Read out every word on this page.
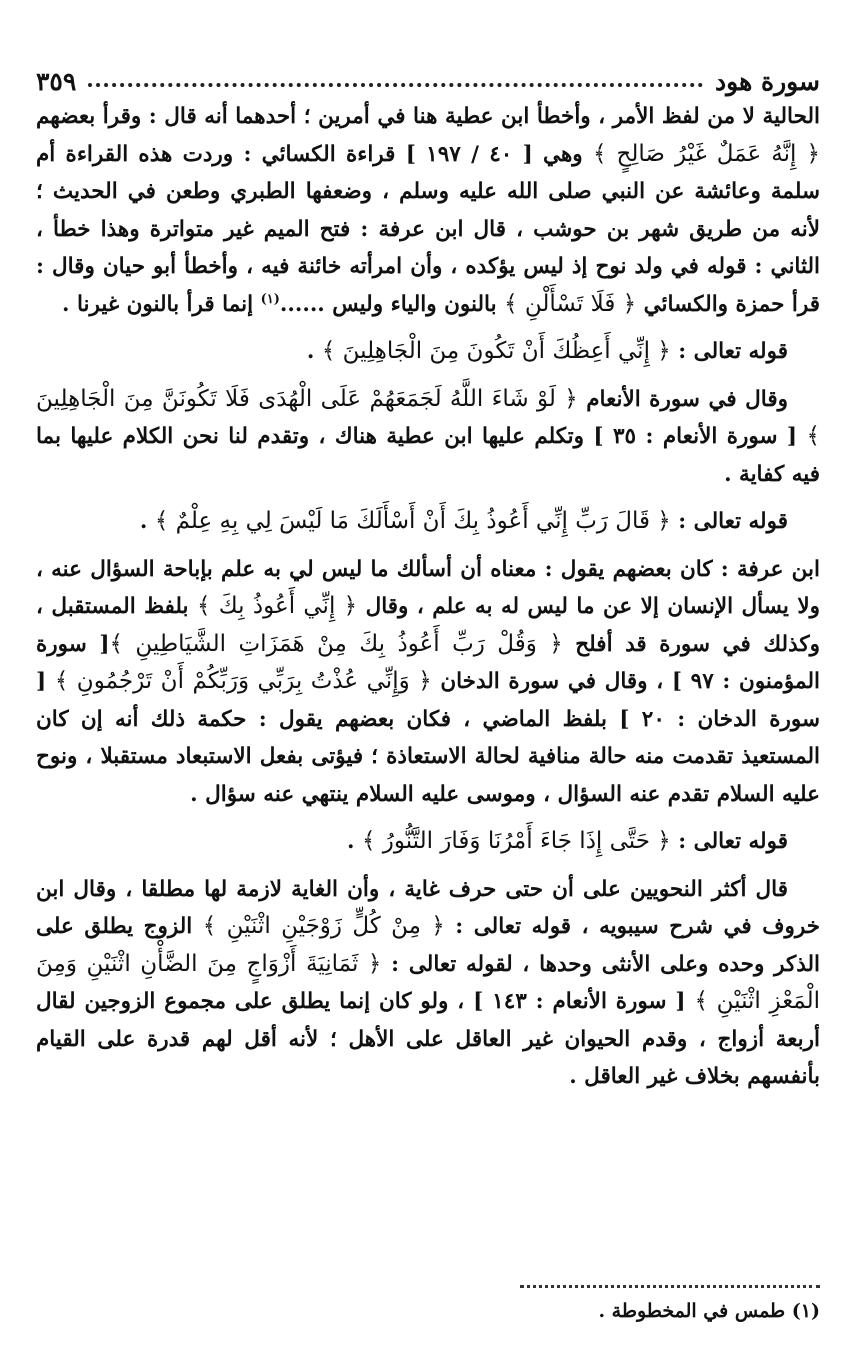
سورة هود
٣٥٩

الحالية لا من لفظ الأمر ، وأخطأ ابن عطية هنا في أمرين ؛ أحدهما أنه قال : وقرأ بعضهم ﴿ إِنَّهُ عَمَلٌ غَيْرُ صَالِحٍ ﴾ وهي [ ٤٠ / ١٩٧ ] قراءة الكسائي : وردت هذه القراءة أم سلمة وعائشة عن النبي صلى الله عليه وسلم ، وضعفها الطبري وطعن في الحديث ؛ لأنه من طريق شهر بن حوشب ، قال ابن عرفة : فتح الميم غير متواترة وهذا خطأ ، الثاني : قوله في ولد نوح إذ ليس يؤكده ، وأن امرأته خائنة فيه ، وأخطأ أبو حيان وقال : قرأ حمزة والكسائي ﴿ فَلَا تَسْأَلْنِ ﴾ بالنون والياء وليس ......$^{(١)}$ إنما قرأ بالنون غيرنا .

قوله تعالى : ﴿ إِنِّي أَعِظُكَ أَنْ تَكُونَ مِنَ الْجَاهِلِينَ ﴾ .

وقال في سورة الأنعام ﴿ لَوْ شَاءَ اللَّهُ لَجَمَعَهُمْ عَلَى الْهُدَى فَلَا تَكُونَنَّ مِنَ الْجَاهِلِينَ ﴾ [ سورة الأنعام : ٣٥ ] وتكلم عليها ابن عطية هناك ، وتقدم لنا نحن الكلام عليها بما فيه كفاية .

قوله تعالى : ﴿ قَالَ رَبِّ إِنِّي أَعُوذُ بِكَ أَنْ أَسْأَلَكَ مَا لَيْسَ لِي بِهِ عِلْمٌ ﴾ .

ابن عرفة : كان بعضهم يقول : معناه أن أسألك ما ليس لي به علم بإباحة السؤال عنه ، ولا يسأل الإنسان إلا عن ما ليس له به علم ، وقال ﴿ إِنِّي أَعُوذُ بِكَ ﴾ بلفظ المستقبل ، وكذلك في سورة قد أفلح ﴿ وَقُلْ رَبِّ أَعُوذُ بِكَ مِنْ هَمَزَاتِ الشَّيَاطِينِ ﴾[ سورة المؤمنون : ٩٧ ] ، وقال في سورة الدخان ﴿ وَإِنِّي عُذْتُ بِرَبِّي وَرَبِّكُمْ أَنْ تَرْجُمُونِ ﴾ [ سورة الدخان : ٢٠ ] بلفظ الماضي ، فكان بعضهم يقول : حكمة ذلك أنه إن كان المستعيذ تقدمت منه حالة منافية لحالة الاستعاذة ؛ فيؤتى بفعل الاستبعاد مستقبلا ، ونوح عليه السلام تقدم عنه السؤال ، وموسى عليه السلام ينتهي عنه سؤال .

قوله تعالى : ﴿ حَتَّى إِذَا جَاءَ أَمْرُنَا وَفَارَ التَّنُّورُ ﴾ .

قال أكثر النحويين على أن حتى حرف غاية ، وأن الغاية لازمة لها مطلقا ، وقال ابن خروف في شرح سيبويه ، قوله تعالى : ﴿ مِنْ كُلٍّ زَوْجَيْنِ اثْنَيْنِ ﴾ الزوج يطلق على الذكر وحده وعلى الأنثى وحدها ، لقوله تعالى : ﴿ ثَمَانِيَةَ أَزْوَاجٍ مِنَ الضَّأْنِ اثْنَيْنِ وَمِنَ الْمَعْزِ اثْنَيْنِ ﴾ [ سورة الأنعام : ١٤٣ ] ، ولو كان إنما يطلق على مجموع الزوجين لقال أربعة أزواج ، وقدم الحيوان غير العاقل على الأهل ؛ لأنه أقل لهم قدرة على القيام بأنفسهم بخلاف غير العاقل .

(١) طمس في المخطوطة .
